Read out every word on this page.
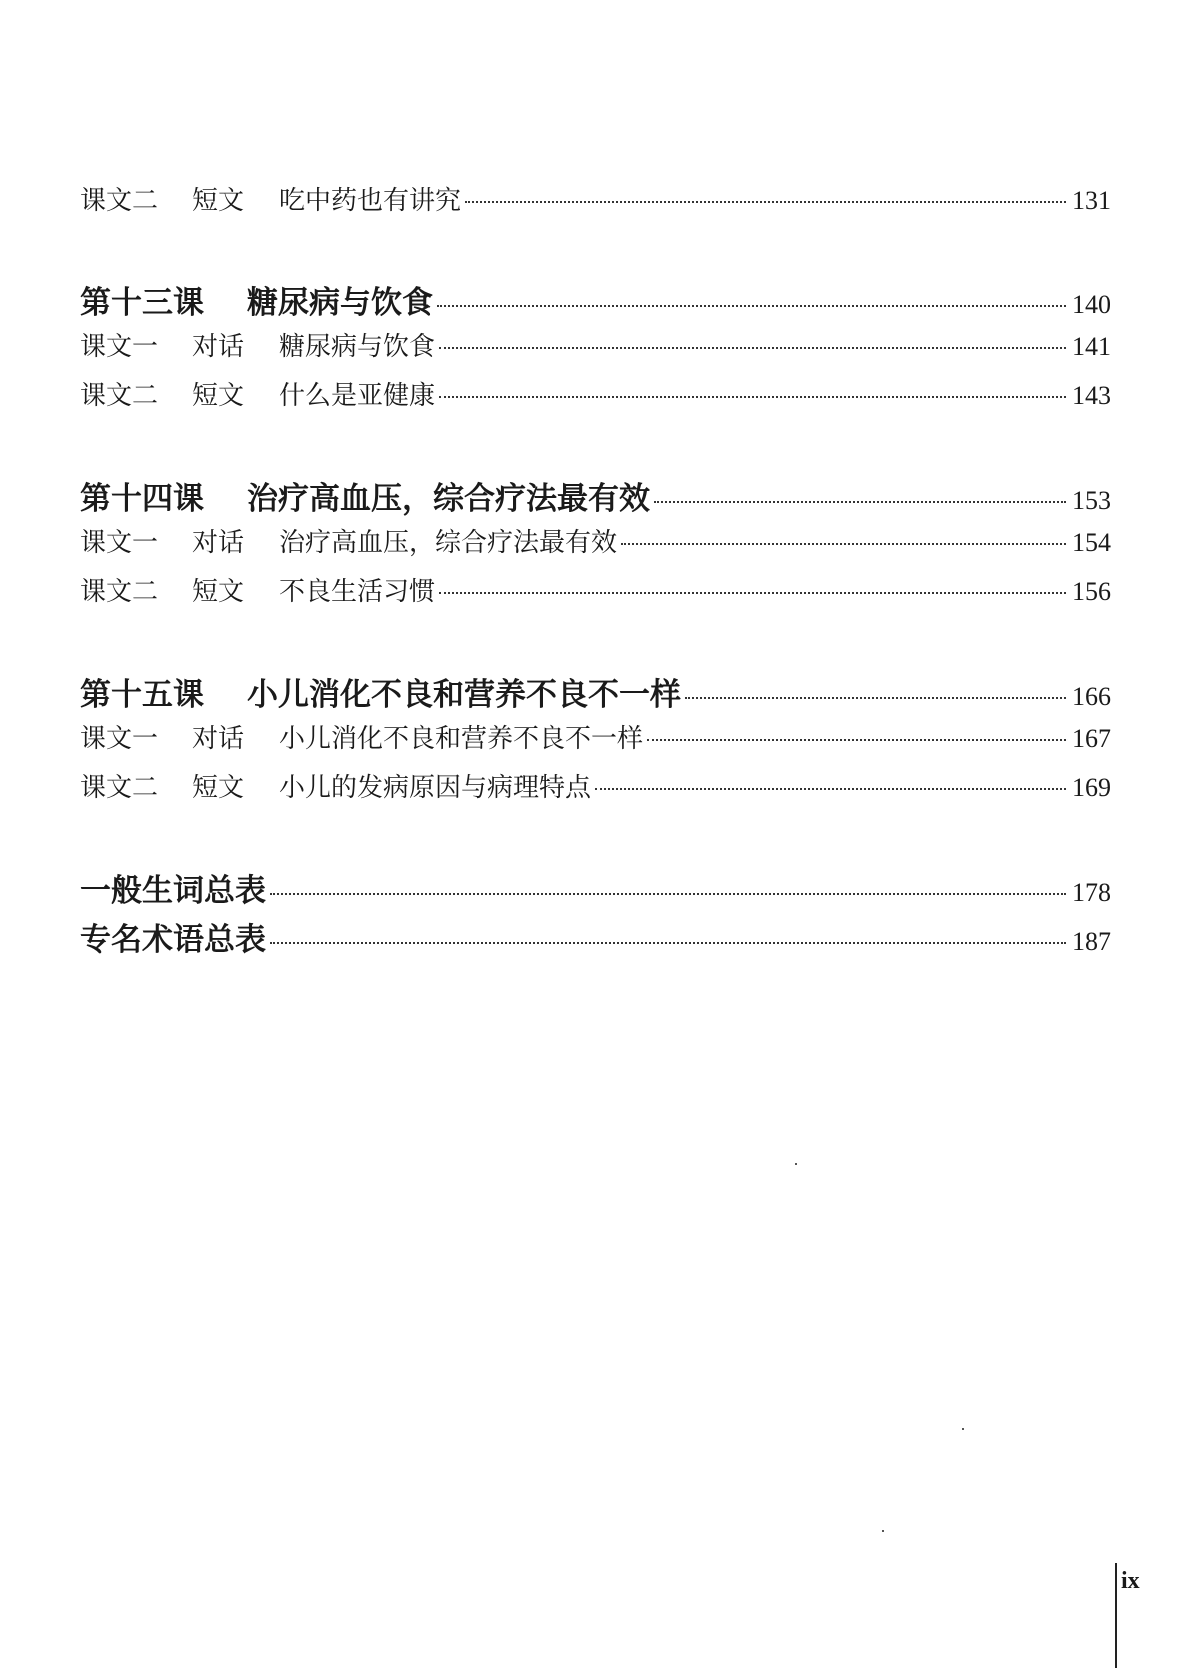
课文二	短文	吃中药也有讲究	131
第十三课	糖尿病与饮食	140
课文一	对话	糖尿病与饮食	141
课文二	短文	什么是亚健康	143
第十四课	治疗高血压，综合疗法最有效	153
课文一	对话	治疗高血压，综合疗法最有效	154
课文二	短文	不良生活习惯	156
第十五课	小儿消化不良和营养不良不一样	166
课文一	对话	小儿消化不良和营养不良不一样	167
课文二	短文	小儿的发病原因与病理特点	169
一般生词总表	178
专名术语总表	187
ix
